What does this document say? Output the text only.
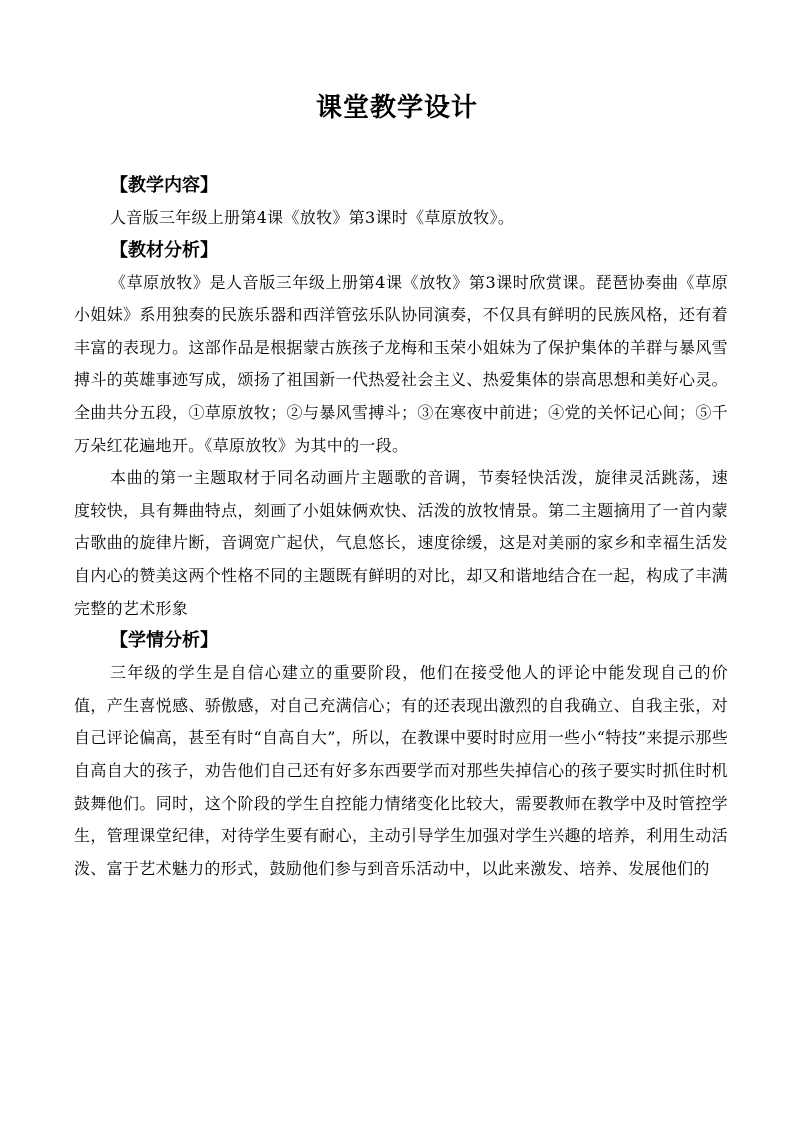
课堂教学设计

【教学内容】

人音版三年级上册第4课《放牧》第3课时《草原放牧》。

【教材分析】

《草原放牧》是人音版三年级上册第4课《放牧》第3课时欣赏课。琵琶协奏曲《草原小姐妹》系用独奏的民族乐器和西洋管弦乐队协同演奏，不仅具有鲜明的民族风格，还有着丰富的表现力。这部作品是根据蒙古族孩子龙梅和玉荣小姐妹为了保护集体的羊群与暴风雪搏斗的英雄事迹写成，颂扬了祖国新一代热爱社会主义、热爱集体的崇高思想和美好心灵。全曲共分五段，①草原放牧；②与暴风雪搏斗；③在寒夜中前进；④党的关怀记心间；⑤千万朵红花遍地开。《草原放牧》为其中的一段。

本曲的第一主题取材于同名动画片主题歌的音调，节奏轻快活泼，旋律灵活跳荡，速度较快，具有舞曲特点，刻画了小姐妹俩欢快、活泼的放牧情景。第二主题摘用了一首内蒙古歌曲的旋律片断，音调宽广起伏，气息悠长，速度徐缓，这是对美丽的家乡和幸福生活发自内心的赞美这两个性格不同的主题既有鲜明的对比，却又和谐地结合在一起，构成了丰满完整的艺术形象

【学情分析】

三年级的学生是自信心建立的重要阶段，他们在接受他人的评论中能发现自己的价值，产生喜悦感、骄傲感，对自己充满信心；有的还表现出激烈的自我确立、自我主张，对自己评论偏高，甚至有时“自高自大”，所以，在教课中要时时应用一些小“特技”来提示那些自高自大的孩子，劝告他们自己还有好多东西要学而对那些失掉信心的孩子要实时抓住时机鼓舞他们。同时，这个阶段的学生自控能力情绪变化比较大，需要教师在教学中及时管控学生，管理课堂纪律，对待学生要有耐心，主动引导学生加强对学生兴趣的培养，利用生动活泼、富于艺术魅力的形式，鼓励他们参与到音乐活动中，以此来激发、培养、发展他们的
